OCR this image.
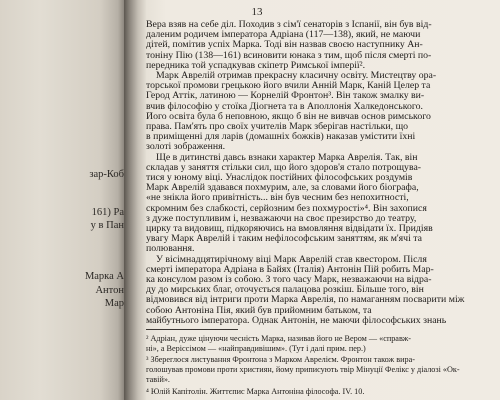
зар-Коб
161) Ра
у в Пан
Марка А
Антон
Мар
13
Вера взяв на себе діл. Походив з сім'ї сенаторів з Іспанії, він був від-
даленим родичем імператора Адріана (117—138), який, не маючи
дітей, помітив успіх Марка. Тоді він назвав своєю наступнику Ан-
тоніну Пію (138—161) всиновити юнака з тим, щоб після смерті по-
передника той успадкував скіпетр Римської імперії².
Марк Аврелій отримав прекрасну класичну освіту. Мистецтву ора-
торської промови грецькою його вчили Анній Марк, Каній Целер та
Герод Аттік, латиною — Корнелій Фронтон³. Він також змалку ви-
вчив філософію у стоїка Діогнета та в Аполлонія Халкедонського.
Його освіта була б неповною, якщо б він не вивчав основ римського
права. Пам'ять про своїх учителів Марк зберігав настільки, що
в приміщенні для ларів (домашніх божків) наказав умістити їхні
золоті зображення.
Ще в дитинстві давсь взнаки характер Марка Аврелія. Так, він
складав у заняття стільки сил, що його здоров'я стало потрощува-
тися у юному віці. Унаслідок постійних філософських роздумів
Марк Аврелій здавався похмурим, але, за словами його біографа,
«не знікла його привітність... він був чесним без непохитності,
скромним без слабкості, серйозним без похмурості»⁴. Він захопися
з дуже поступливим і, незважаючи на своє презирство до театру,
цирку та видовищ, підкоряючись на вмовляння відвідати їх. Придіяв
увагу Марк Аврелій і таким нефілософським заняттям, як м'ячі та
полювання.
У вісімнадцятирічному віці Марк Аврелій став квестором. Після
смерті імператора Адріана в Байях (Італія) Антонін Пій робить Мар-
ка консулом разом із собою. З того часу Марк, незважаючи на відра-
ду до мирських благ, оточується палацова розкіш. Більше того, він
відмовився від інтриги проти Марка Аврелія, по намаганням посварити між
собою Антоніна Пія, який був прийомним батьком, та
майбутнього імператора. Однак Антонін, не маючи філософських знань
² Адріан, дуже цінуючи чесність Марка, називав його не Вером — «справж-
ні», а Веріссімом — «найправдивішим». (Тут і далі прим. пер.)
³ Збереглося листування Фронтона з Марком Аврелієм. Фронтон також вира-
голошував промови проти християн, йому приписують твір Мінуції Фелікс у діалозі «Ок-
тавій».
⁴ Юлій Капітолін. Життєпис Марка Антоніна філософа. IV. 10.
